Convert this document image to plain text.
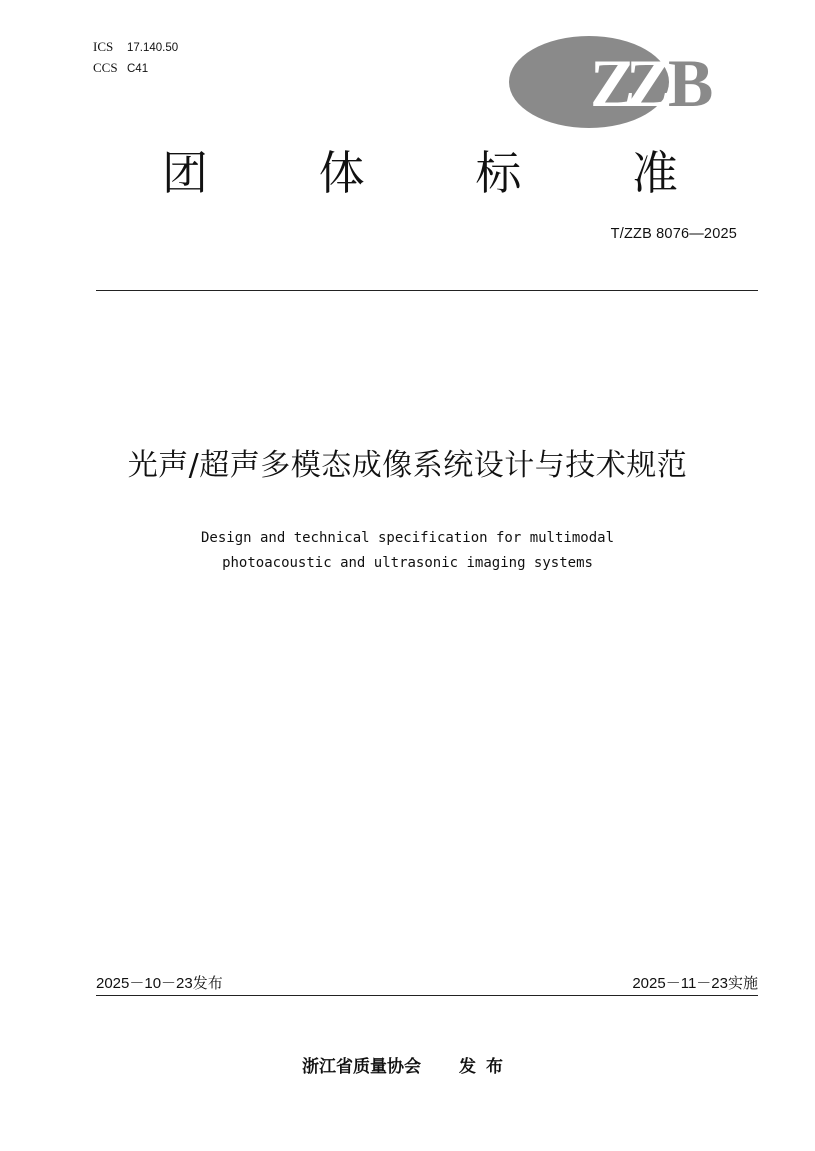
ICS 17.140.50
CCS C41	Z
Z
B
团 体 标 准
T/ZZB 8076—2025
光声/超声多模态成像系统设计与技术规范
Design and technical specification for multimodal
photoacoustic and ultrasonic imaging systems
2025－10－23发布	2025－11－23实施
浙江省质量协会 发布
